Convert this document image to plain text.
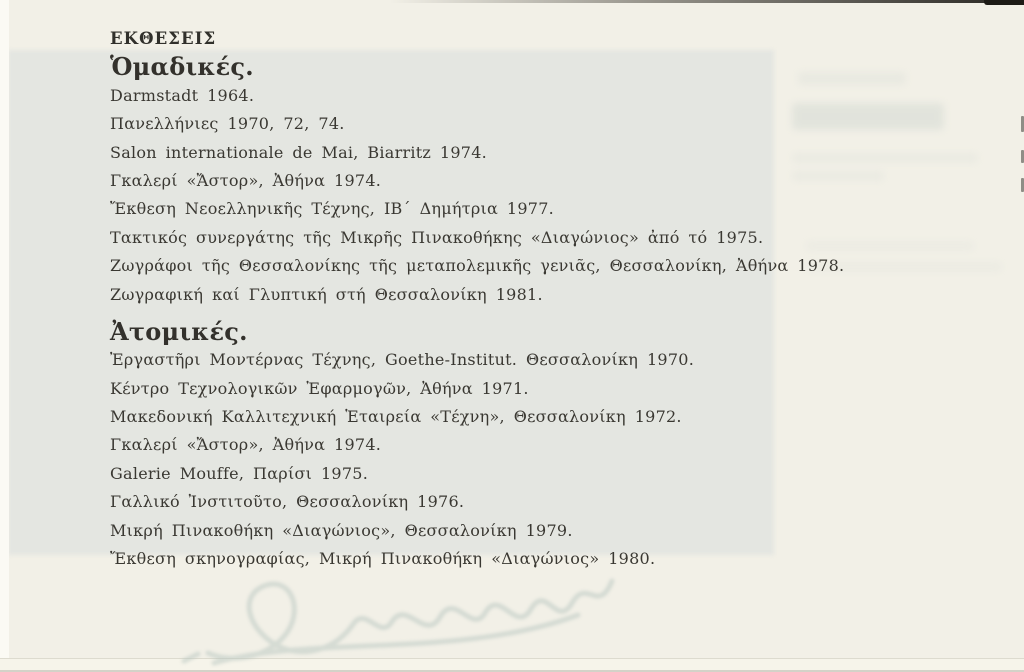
ΕΚΘΕΣΕΙΣ
Ὁμαδικές.

Darmstadt 1964.

Πανελλήνιες 1970, 72, 74.

Salon internationale de Mai, Biarritz 1974.

Γκαλερί «Ἄστορ», Ἀθήνα 1974.

Ἔκθεση Νεοελληνικῆς Τέχνης, ΙΒ΄ Δημήτρια 1977.

Τακτικός συνεργάτης τῆς Μικρῆς Πινακοθήκης «Διαγώνιος» ἀπό τό 1975.

Ζωγράφοι τῆς Θεσσαλονίκης τῆς μεταπολεμικῆς γενιᾶς, Θεσσαλονίκη, Ἀθήνα 1978.

Ζωγραφική καί Γλυπτική στή Θεσσαλονίκη 1981.

Ἀτομικές.

Ἐργαστῆρι Μοντέρνας Τέχνης, Goethe-Institut. Θεσσαλονίκη 1970.

Κέντρο Τεχνολογικῶν Ἐφαρμογῶν, Ἀθήνα 1971.

Μακεδονική Καλλιτεχνική Ἑταιρεία «Τέχνη», Θεσσαλονίκη 1972.

Γκαλερί «Ἄστορ», Ἀθήνα 1974.

Galerie Mouffe, Παρίσι 1975.

Γαλλικό Ἰνστιτοῦτο, Θεσσαλονίκη 1976.

Μικρή Πινακοθήκη «Διαγώνιος», Θεσσαλονίκη 1979.

Ἔκθεση σκηνογραφίας, Μικρή Πινακοθήκη «Διαγώνιος» 1980.
